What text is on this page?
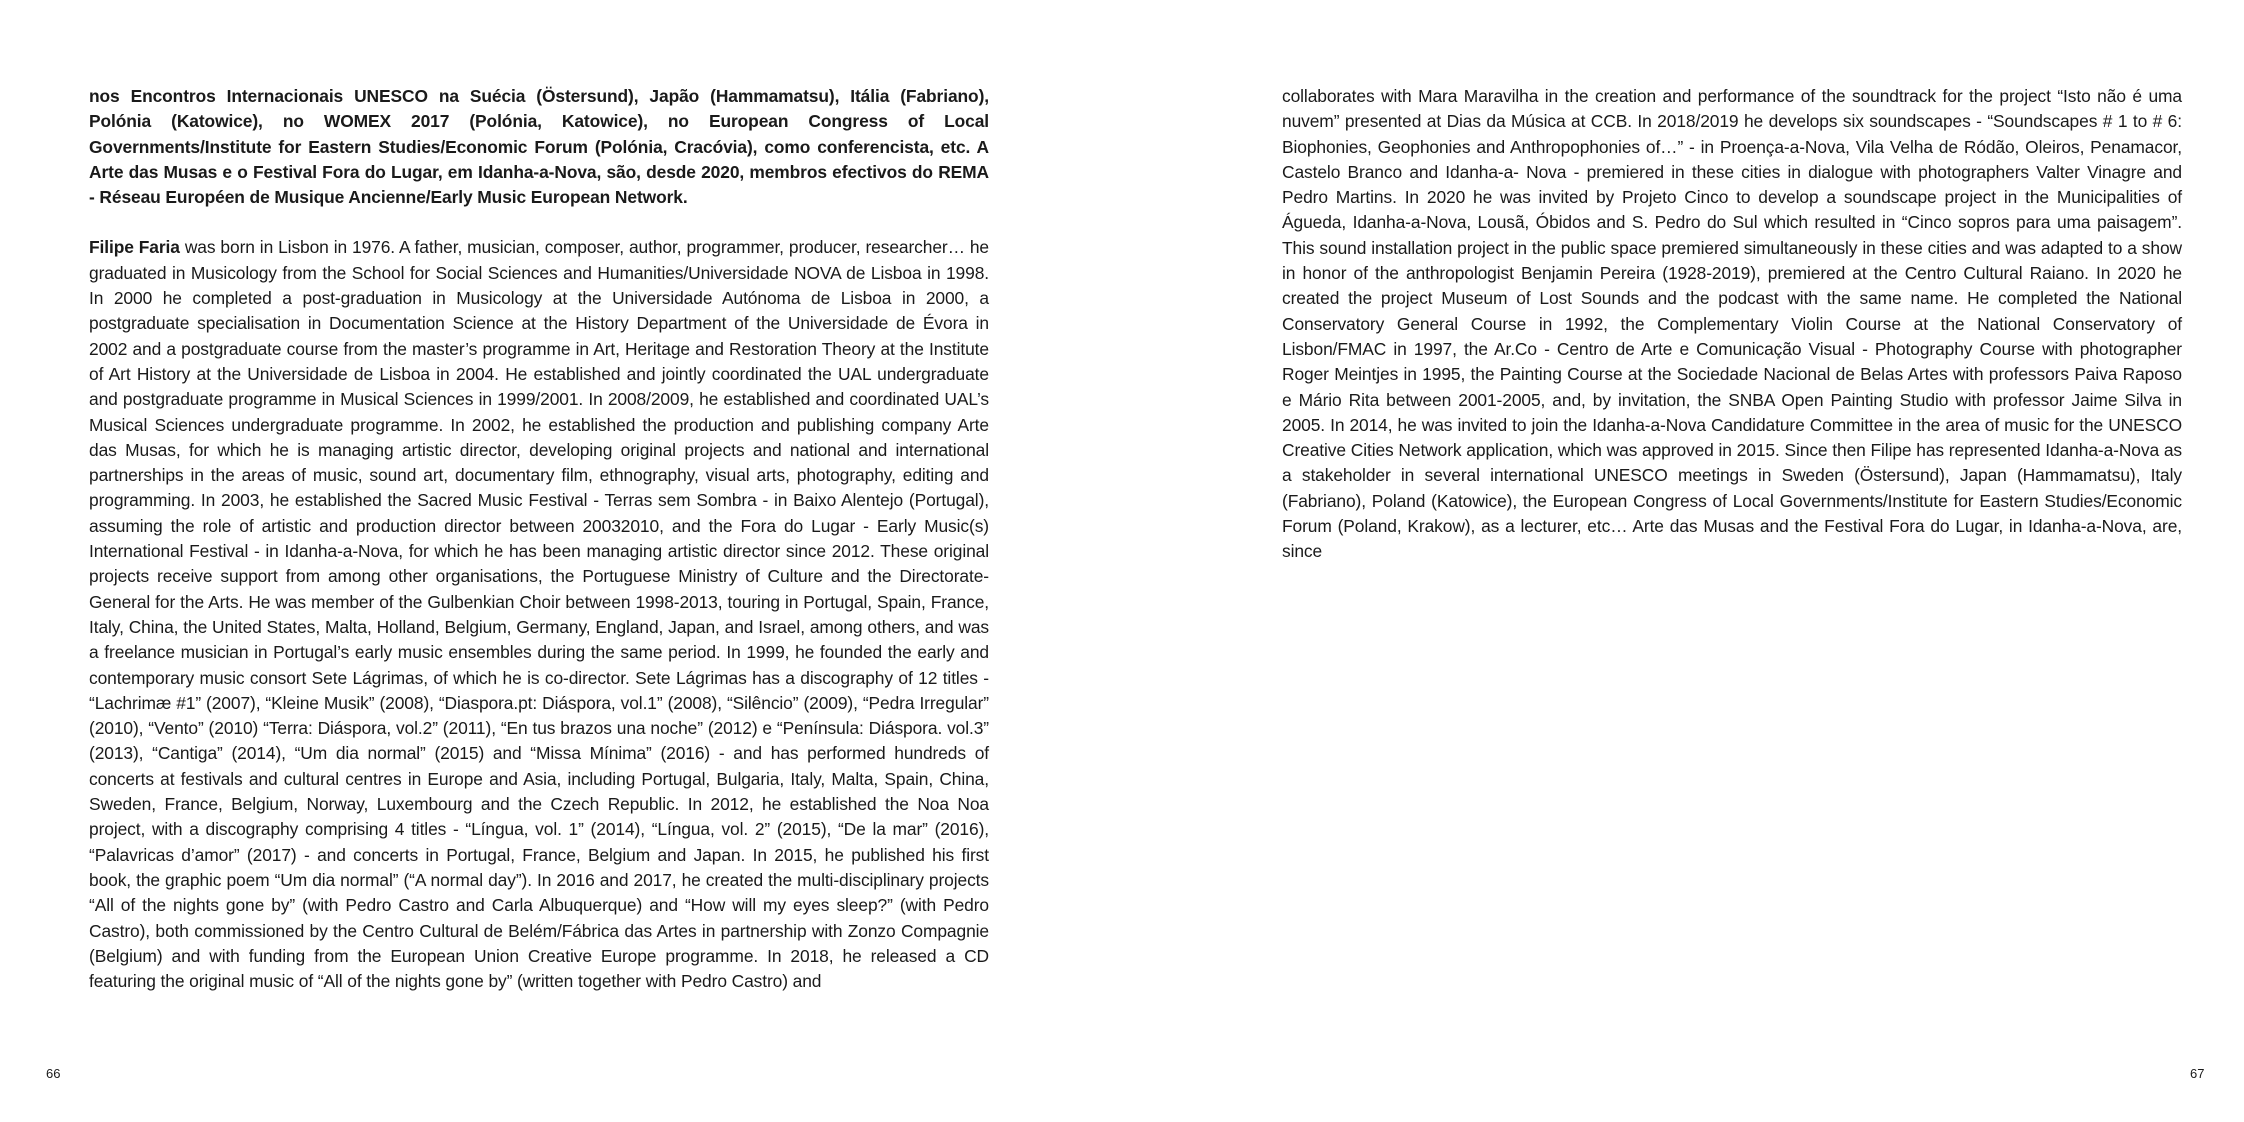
nos Encontros Internacionais UNESCO na Suécia (Östersund), Japão (Hammamatsu), Itália (Fabriano), Polónia (Katowice), no WOMEX 2017 (Polónia, Katowice), no European Congress of Local Governments/Institute for Eastern Studies/Economic Forum (Polónia, Cracóvia), como conferencista, etc. A Arte das Musas e o Festival Fora do Lugar, em Idanha-a-Nova, são, desde 2020, membros efectivos do REMA - Réseau Européen de Musique Ancienne/Early Music European Network.

Filipe Faria was born in Lisbon in 1976. A father, musician, composer, author, programmer, producer, researcher… he graduated in Musicology from the School for Social Sciences and Humanities/Universidade NOVA de Lisboa in 1998. In 2000 he completed a post-graduation in Musicology at the Universidade Autónoma de Lisboa in 2000, a postgraduate specialisation in Documentation Science at the History Department of the Universidade de Évora in 2002 and a postgraduate course from the master’s programme in Art, Heritage and Restoration Theory at the Institute of Art History at the Universidade de Lisboa in 2004. He established and jointly coordinated the UAL undergraduate and postgraduate programme in Musical Sciences in 1999/2001. In 2008/2009, he established and coordinated UAL’s Musical Sciences undergraduate programme. In 2002, he established the production and publishing company Arte das Musas, for which he is managing artistic director, developing original projects and national and international partnerships in the areas of music, sound art, documentary film, ethnography, visual arts, photography, editing and programming. In 2003, he established the Sacred Music Festival - Terras sem Sombra - in Baixo Alentejo (Portugal), assuming the role of artistic and production director between 20032010, and the Fora do Lugar - Early Music(s) International Festival - in Idanha-a-Nova, for which he has been managing artistic director since 2012. These original projects receive support from among other organisations, the Portuguese Ministry of Culture and the Directorate-General for the Arts. He was member of the Gulbenkian Choir between 1998-2013, touring in Portugal, Spain, France, Italy, China, the United States, Malta, Holland, Belgium, Germany, England, Japan, and Israel, among others, and was a freelance musician in Portugal’s early music ensembles during the same period. In 1999, he founded the early and contemporary music consort Sete Lágrimas, of which he is co-director. Sete Lágrimas has a discography of 12 titles - “Lachrimæ #1” (2007), “Kleine Musik” (2008), “Diaspora.pt: Diáspora, vol.1” (2008), “Silêncio” (2009), “Pedra Irregular” (2010), “Vento” (2010) “Terra: Diáspora, vol.2” (2011), “En tus brazos una noche” (2012) e “Península: Diáspora. vol.3” (2013), “Cantiga” (2014), “Um dia normal” (2015) and “Missa Mínima” (2016) - and has performed hundreds of concerts at festivals and cultural centres in Europe and Asia, including Portugal, Bulgaria, Italy, Malta, Spain, China, Sweden, France, Belgium, Norway, Luxembourg and the Czech Republic. In 2012, he established the Noa Noa project, with a discography comprising 4 titles - “Língua, vol. 1” (2014), “Língua, vol. 2” (2015), “De la mar” (2016), “Palavricas d’amor” (2017) - and concerts in Portugal, France, Belgium and Japan. In 2015, he published his first book, the graphic poem “Um dia normal” (“A normal day”). In 2016 and 2017, he created the multi-disciplinary projects “All of the nights gone by” (with Pedro Castro and Carla Albuquerque) and “How will my eyes sleep?” (with Pedro Castro), both commissioned by the Centro Cultural de Belém/Fábrica das Artes in partnership with Zonzo Compagnie (Belgium) and with funding from the European Union Creative Europe programme. In 2018, he released a CD featuring the original music of “All of the nights gone by” (written together with Pedro Castro) and

66

collaborates with Mara Maravilha in the creation and performance of the soundtrack for the project “Isto não é uma nuvem” presented at Dias da Música at CCB. In 2018/2019 he develops six soundscapes - “Soundscapes # 1 to # 6: Biophonies, Geophonies and Anthropophonies of…” - in Proença-a-Nova, Vila Velha de Ródão, Oleiros, Penamacor, Castelo Branco and Idanha-a- Nova - premiered in these cities in dialogue with photographers Valter Vinagre and Pedro Martins. In 2020 he was invited by Projeto Cinco to develop a soundscape project in the Municipalities of Águeda, Idanha-a-Nova, Lousã, Óbidos and S. Pedro do Sul which resulted in “Cinco sopros para uma paisagem”. This sound installation project in the public space premiered simultaneously in these cities and was adapted to a show in honor of the anthropologist Benjamin Pereira (1928-2019), premiered at the Centro Cultural Raiano. In 2020 he created the project Museum of Lost Sounds and the podcast with the same name. He completed the National Conservatory General Course in 1992, the Complementary Violin Course at the National Conservatory of Lisbon/FMAC in 1997, the Ar.Co - Centro de Arte e Comunicação Visual - Photography Course with photographer Roger Meintjes in 1995, the Painting Course at the Sociedade Nacional de Belas Artes with professors Paiva Raposo e Mário Rita between 2001-2005, and, by invitation, the SNBA Open Painting Studio with professor Jaime Silva in 2005. In 2014, he was invited to join the Idanha-a-Nova Candidature Committee in the area of music for the UNESCO Creative Cities Network application, which was approved in 2015. Since then Filipe has represented Idanha-a-Nova as a stakeholder in several international UNESCO meetings in Sweden (Östersund), Japan (Hammamatsu), Italy (Fabriano), Poland (Katowice), the European Congress of Local Governments/Institute for Eastern Studies/Economic Forum (Poland, Krakow), as a lecturer, etc… Arte das Musas and the Festival Fora do Lugar, in Idanha-a-Nova, are, since

67
